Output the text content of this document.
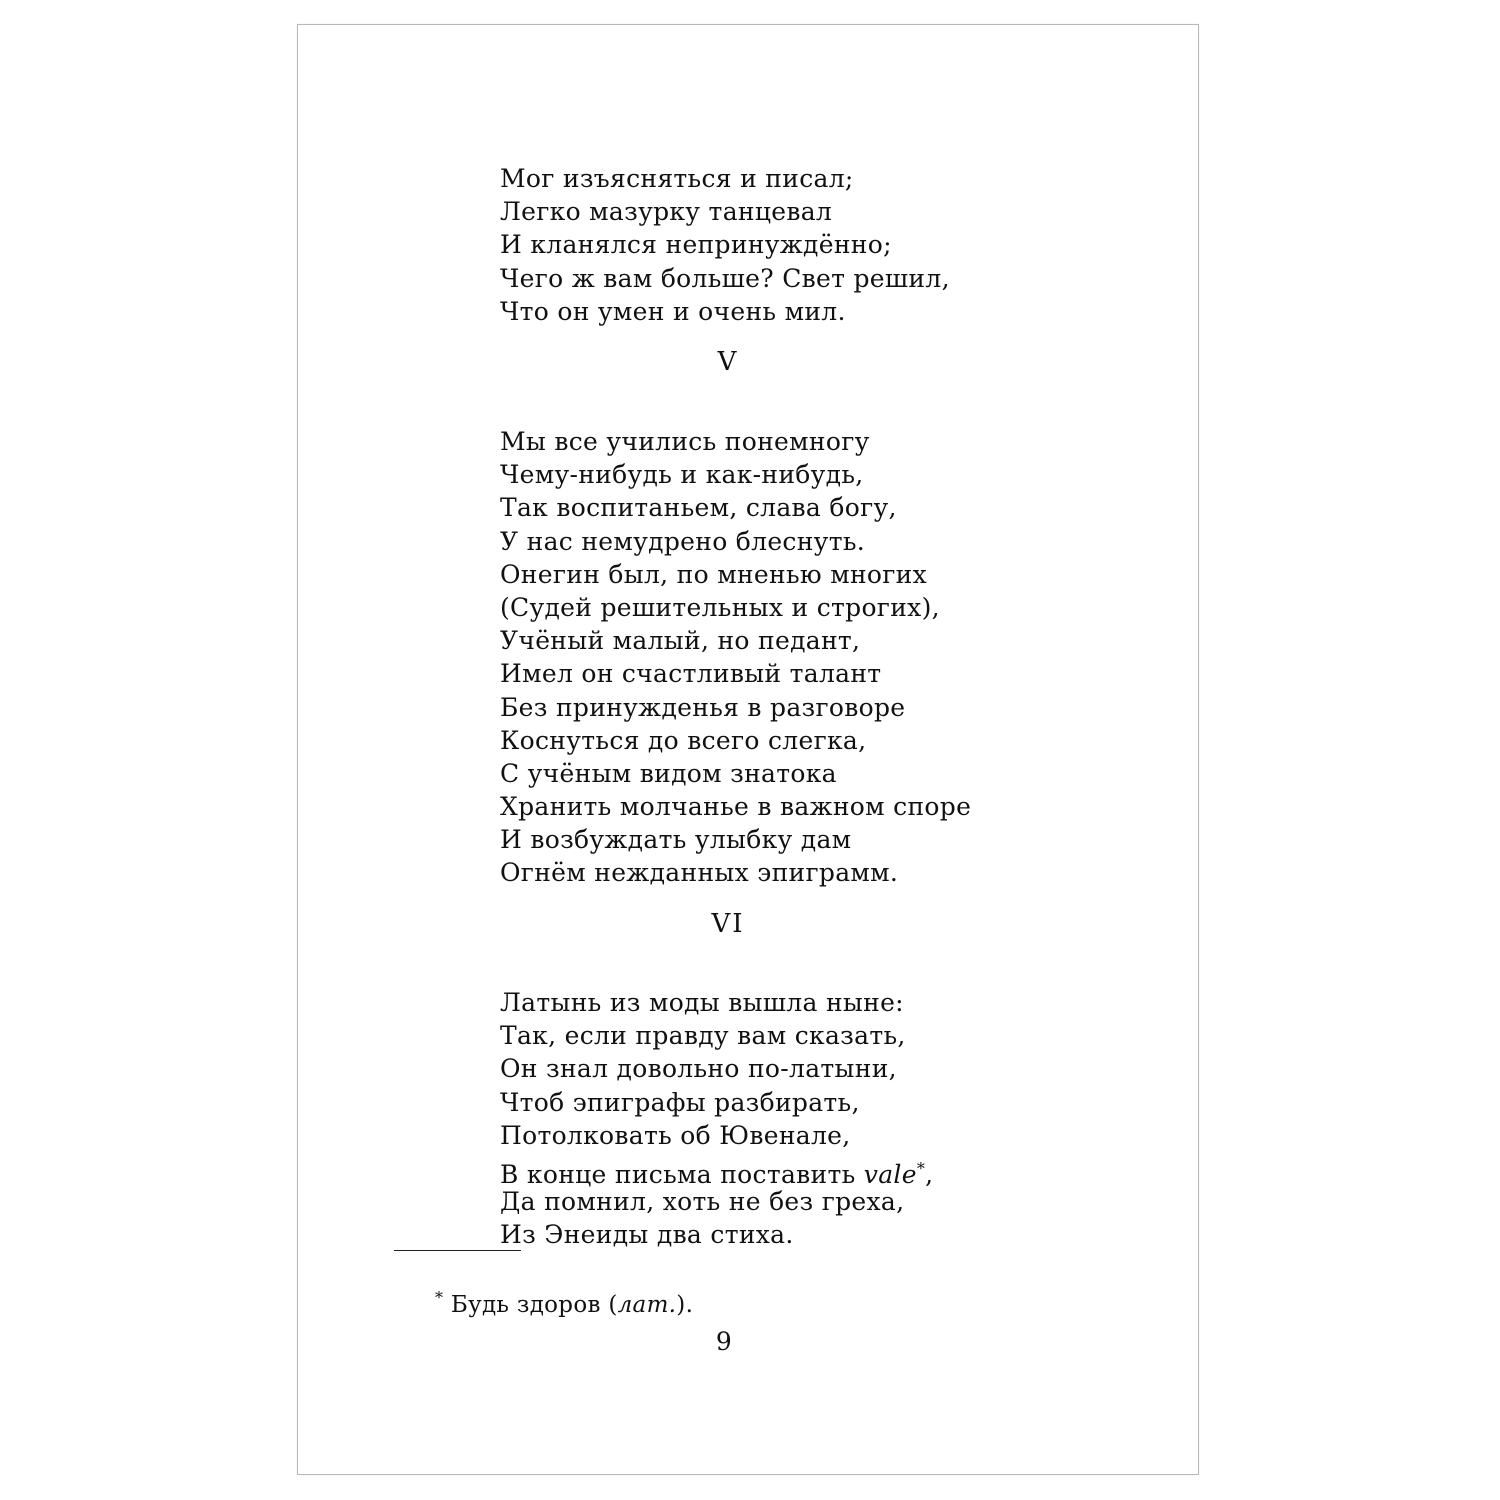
Мог изъясняться и писал;
Легко мазурку танцевал
И кланялся непринуждённо;
Чего ж вам больше? Свет решил,
Что он умен и очень мил.
V
Мы все учились понемногу
Чему-нибудь и как-нибудь,
Так воспитаньем, слава богу,
У нас немудрено блеснуть.
Онегин был, по мненью многих
(Судей решительных и строгих),
Учёный малый, но педант,
Имел он счастливый талант
Без принужденья в разговоре
Коснуться до всего слегка,
С учёным видом знатока
Хранить молчанье в важном споре
И возбуждать улыбку дам
Огнём нежданных эпиграмм.
VI
Латынь из моды вышла ныне:
Так, если правду вам сказать,
Он знал довольно по-латыни,
Чтоб эпиграфы разбирать,
Потолковать об Ювенале,
В конце письма поставить vale*,
Да помнил, хоть не без греха,
Из Энеиды два стиха.
* Будь здоров (лат.).
9
